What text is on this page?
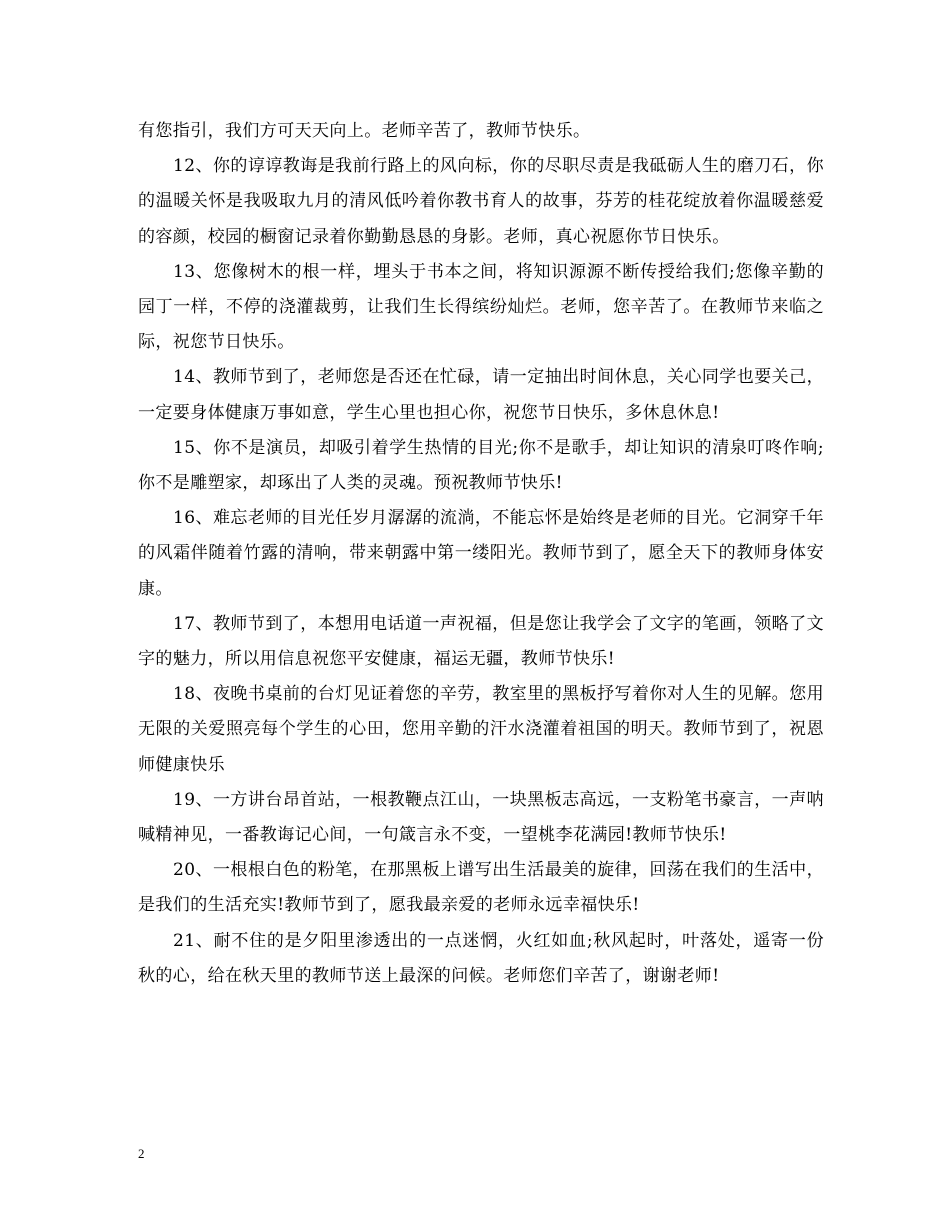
有您指引，我们方可天天向上。老师辛苦了，教师节快乐。

12、你的谆谆教诲是我前行路上的风向标，你的尽职尽责是我砥砺人生的磨刀石，你的温暖关怀是我吸取九月的清风低吟着你教书育人的故事，芬芳的桂花绽放着你温暖慈爱的容颜，校园的橱窗记录着你勤勤恳恳的身影。老师，真心祝愿你节日快乐。

13、您像树木的根一样，埋头于书本之间，将知识源源不断传授给我们;您像辛勤的园丁一样，不停的浇灌裁剪，让我们生长得缤纷灿烂。老师，您辛苦了。在教师节来临之际，祝您节日快乐。

14、教师节到了，老师您是否还在忙碌，请一定抽出时间休息，关心同学也要关己，一定要身体健康万事如意，学生心里也担心你，祝您节日快乐，多休息休息!

15、你不是演员，却吸引着学生热情的目光;你不是歌手，却让知识的清泉叮咚作响;你不是雕塑家，却琢出了人类的灵魂。预祝教师节快乐!

16、难忘老师的目光任岁月潺潺的流淌，不能忘怀是始终是老师的目光。它洞穿千年的风霜伴随着竹露的清响，带来朝露中第一缕阳光。教师节到了，愿全天下的教师身体安康。

17、教师节到了，本想用电话道一声祝福，但是您让我学会了文字的笔画，领略了文字的魅力，所以用信息祝您平安健康，福运无疆，教师节快乐!

18、夜晚书桌前的台灯见证着您的辛劳，教室里的黑板抒写着你对人生的见解。您用无限的关爱照亮每个学生的心田，您用辛勤的汗水浇灌着祖国的明天。教师节到了，祝恩师健康快乐

19、一方讲台昂首站，一根教鞭点江山，一块黑板志高远，一支粉笔书豪言，一声呐喊精神见，一番教诲记心间，一句箴言永不变，一望桃李花满园!教师节快乐!

20、一根根白色的粉笔，在那黑板上谱写出生活最美的旋律，回荡在我们的生活中，是我们的生活充实!教师节到了，愿我最亲爱的老师永远幸福快乐!

21、耐不住的是夕阳里渗透出的一点迷惘，火红如血;秋风起时，叶落处，遥寄一份秋的心，给在秋天里的教师节送上最深的问候。老师您们辛苦了，谢谢老师!

2
